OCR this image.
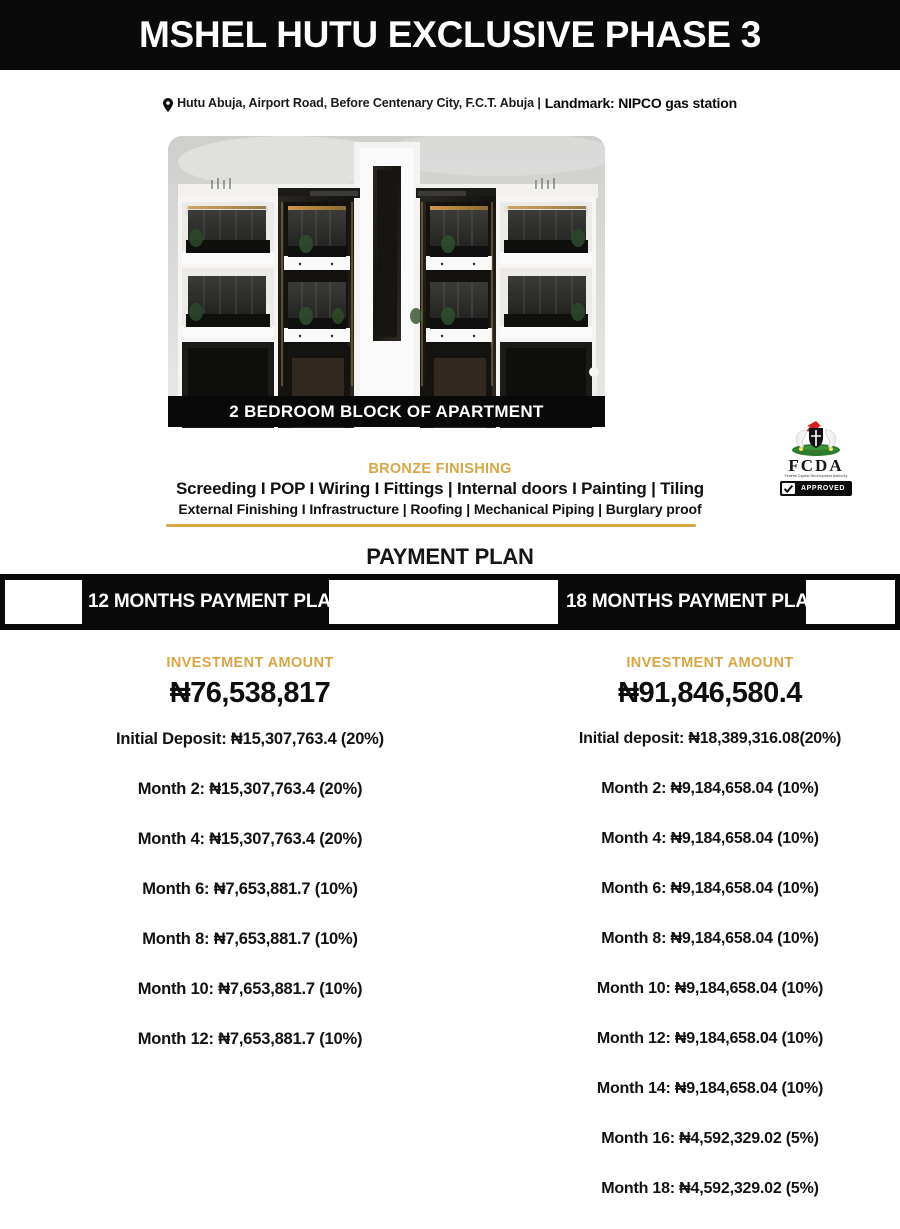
MSHEL HUTU EXCLUSIVE PHASE 3
Hutu Abuja, Airport Road, Before Centenary City, F.C.T. Abuja | Landmark: NIPCO gas station
2 BEDROOM BLOCK OF APARTMENT
FCDA
Federal Capital Development Authority
APPROVED
BRONZE FINISHING
Screeding I POP I Wiring I Fittings | Internal doors I Painting | Tiling
External Finishing I Infrastructure | Roofing | Mechanical Piping | Burglary proof
PAYMENT PLAN
12 MONTHS PAYMENT PLAN	18 MONTHS PAYMENT PLAN
INVESTMENT AMOUNT
₦76,538,817
Initial Deposit: ₦15,307,763.4 (20%)
Month 2: ₦15,307,763.4 (20%)
Month 4: ₦15,307,763.4 (20%)
Month 6: ₦7,653,881.7 (10%)
Month 8: ₦7,653,881.7 (10%)
Month 10: ₦7,653,881.7 (10%)
Month 12: ₦7,653,881.7 (10%)
INVESTMENT AMOUNT
₦91,846,580.4
Initial deposit: ₦18,389,316.08(20%)
Month 2: ₦9,184,658.04 (10%)
Month 4: ₦9,184,658.04 (10%)
Month 6: ₦9,184,658.04 (10%)
Month 8: ₦9,184,658.04 (10%)
Month 10: ₦9,184,658.04 (10%)
Month 12: ₦9,184,658.04 (10%)
Month 14: ₦9,184,658.04 (10%)
Month 16: ₦4,592,329.02 (5%)
Month 18: ₦4,592,329.02 (5%)
